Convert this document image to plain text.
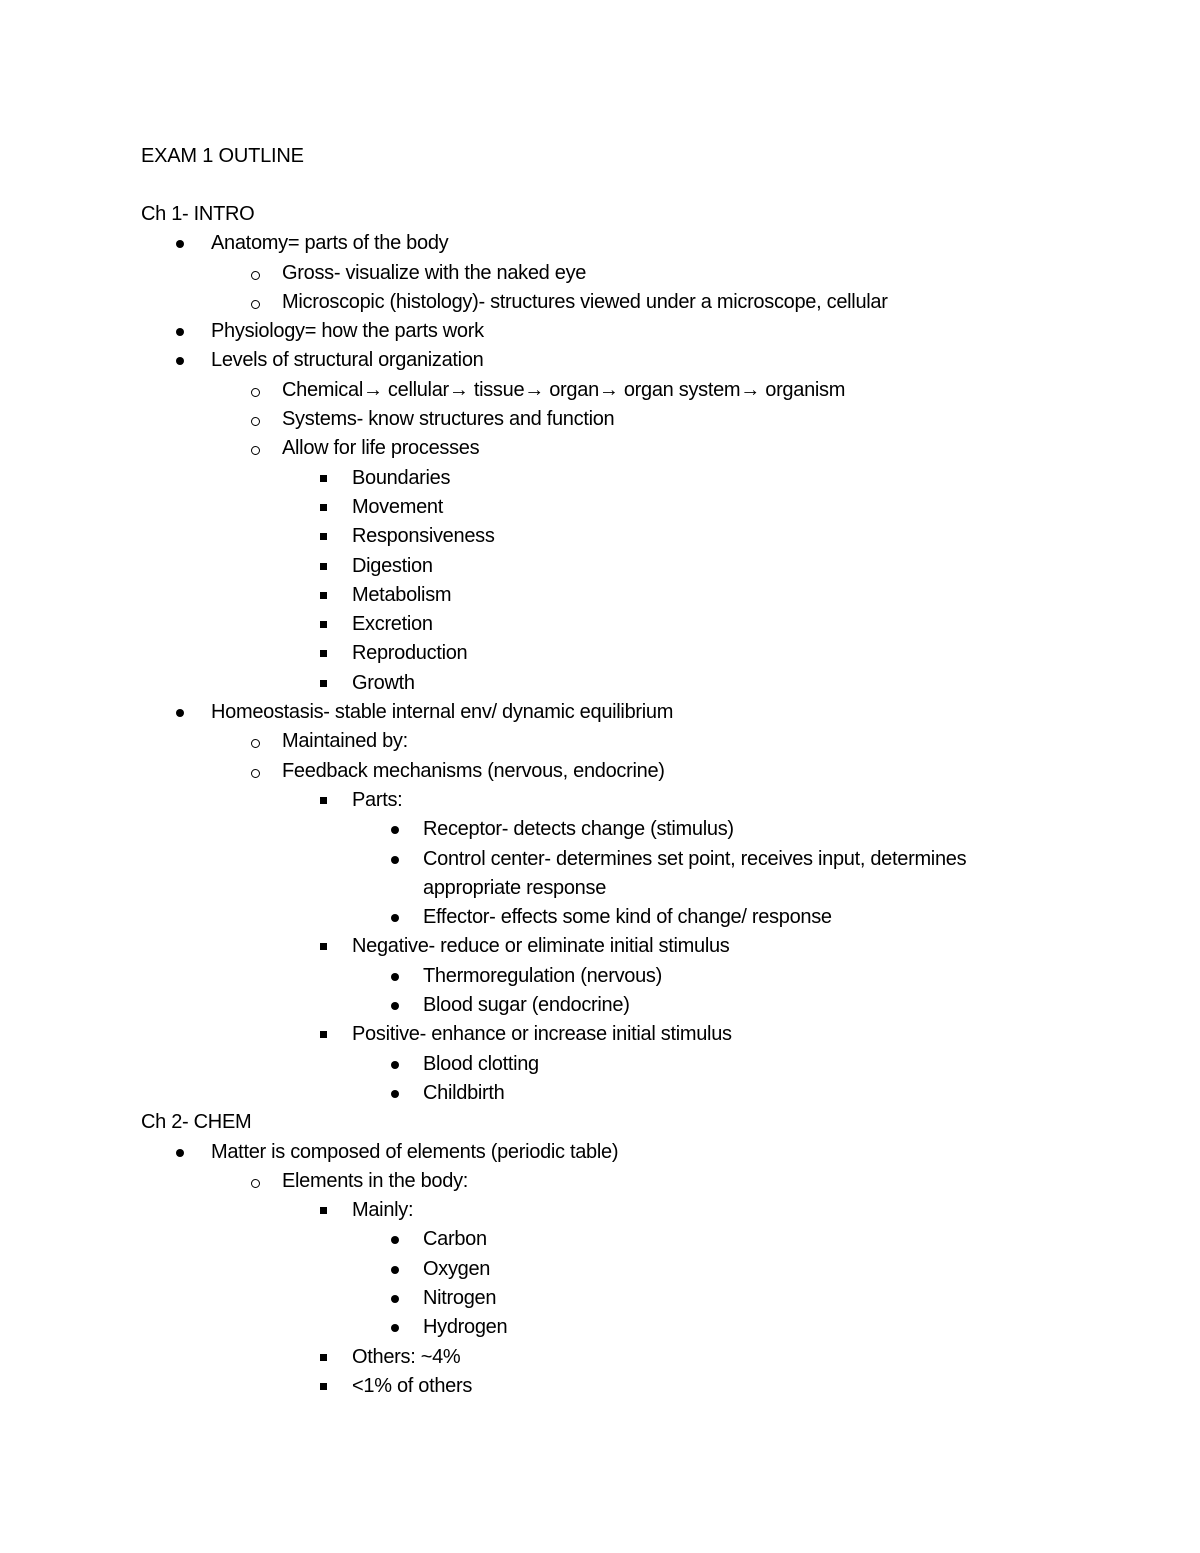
EXAM 1 OUTLINE
Ch 1- INTRO
Anatomy= parts of the body
Gross- visualize with the naked eye
Microscopic (histology)- structures viewed under a microscope, cellular
Physiology= how the parts work
Levels of structural organization
Chemical→ cellular→ tissue→ organ→ organ system→ organism
Systems- know structures and function
Allow for life processes
Boundaries
Movement
Responsiveness
Digestion
Metabolism
Excretion
Reproduction
Growth
Homeostasis- stable internal env/ dynamic equilibrium
Maintained by:
Feedback mechanisms (nervous, endocrine)
Parts:
Receptor- detects change (stimulus)
Control center- determines set point, receives input, determines
appropriate response
Effector- effects some kind of change/ response
Negative- reduce or eliminate initial stimulus
Thermoregulation (nervous)
Blood sugar (endocrine)
Positive- enhance or increase initial stimulus
Blood clotting
Childbirth
Ch 2- CHEM
Matter is composed of elements (periodic table)
Elements in the body:
Mainly:
Carbon
Oxygen
Nitrogen
Hydrogen
Others: ~4%
<1% of others
